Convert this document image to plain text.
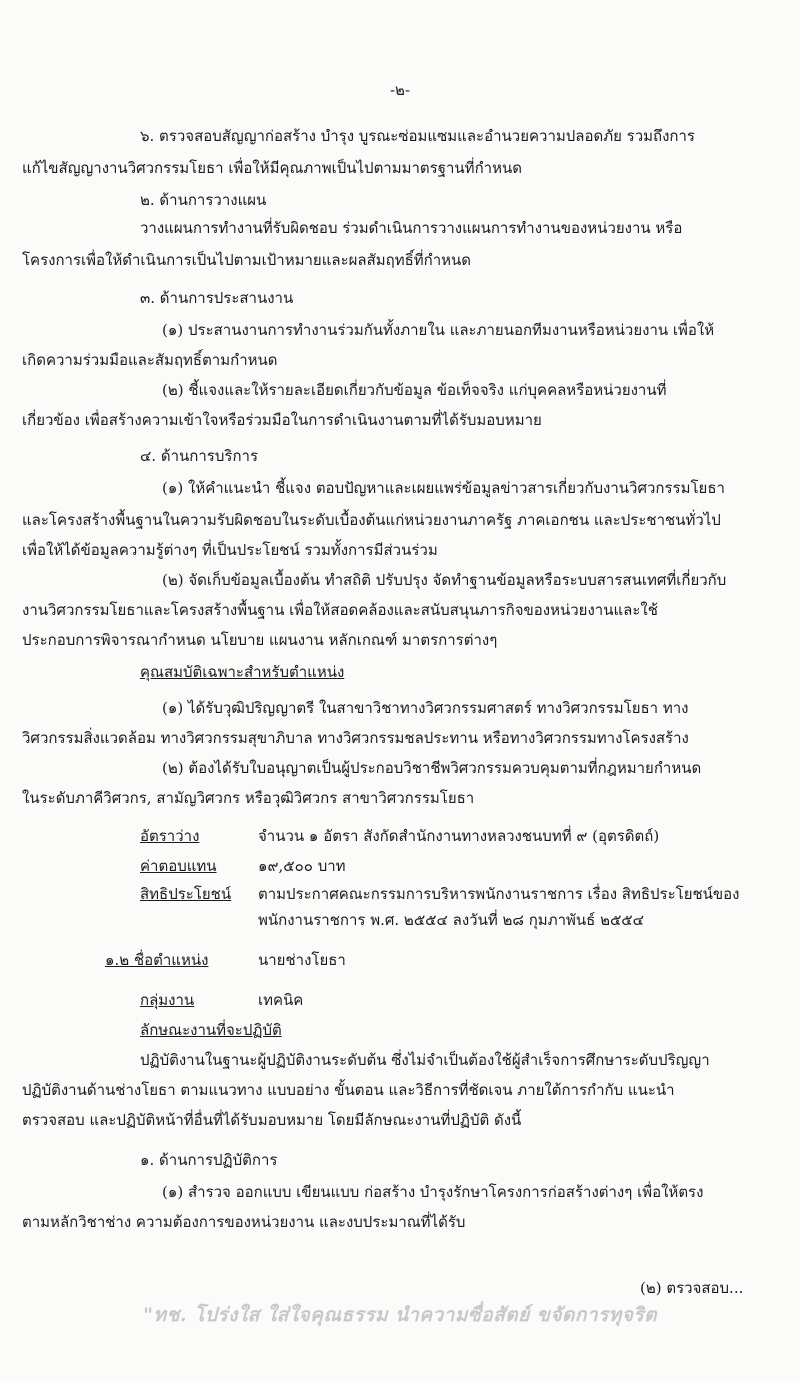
-๒-
๖. ตรวจสอบสัญญาก่อสร้าง บำรุง บูรณะซ่อมแซมและอำนวยความปลอดภัย รวมถึงการ
แก้ไขสัญญางานวิศวกรรมโยธา เพื่อให้มีคุณภาพเป็นไปตามมาตรฐานที่กำหนด
๒. ด้านการวางแผน
วางแผนการทำงานที่รับผิดชอบ ร่วมดำเนินการวางแผนการทำงานของหน่วยงาน หรือ
โครงการเพื่อให้ดำเนินการเป็นไปตามเป้าหมายและผลสัมฤทธิ์ที่กำหนด
๓. ด้านการประสานงาน
(๑) ประสานงานการทำงานร่วมกันทั้งภายใน และภายนอกทีมงานหรือหน่วยงาน เพื่อให้
เกิดความร่วมมือและสัมฤทธิ์ตามกำหนด
(๒) ชี้แจงและให้รายละเอียดเกี่ยวกับข้อมูล ข้อเท็จจริง แก่บุคคลหรือหน่วยงานที่
เกี่ยวข้อง เพื่อสร้างความเข้าใจหรือร่วมมือในการดำเนินงานตามที่ได้รับมอบหมาย
๔. ด้านการบริการ
(๑) ให้คำแนะนำ ชี้แจง ตอบปัญหาและเผยแพร่ข้อมูลข่าวสารเกี่ยวกับงานวิศวกรรมโยธา
และโครงสร้างพื้นฐานในความรับผิดชอบในระดับเบื้องต้นแก่หน่วยงานภาครัฐ ภาคเอกชน และประชาชนทั่วไป
เพื่อให้ได้ข้อมูลความรู้ต่างๆ ที่เป็นประโยชน์ รวมทั้งการมีส่วนร่วม
(๒) จัดเก็บข้อมูลเบื้องต้น ทำสถิติ ปรับปรุง จัดทำฐานข้อมูลหรือระบบสารสนเทศที่เกี่ยวกับ
งานวิศวกรรมโยธาและโครงสร้างพื้นฐาน เพื่อให้สอดคล้องและสนับสนุนภารกิจของหน่วยงานและใช้
ประกอบการพิจารณากำหนด นโยบาย แผนงาน หลักเกณฑ์ มาตรการต่างๆ
(๑) ได้รับวุฒิปริญญาตรี ในสาขาวิชาทางวิศวกรรมศาสตร์ ทางวิศวกรรมโยธา ทาง
วิศวกรรมสิ่งแวดล้อม ทางวิศวกรรมสุขาภิบาล ทางวิศวกรรมชลประทาน หรือทางวิศวกรรมทางโครงสร้าง
(๒) ต้องได้รับใบอนุญาตเป็นผู้ประกอบวิชาชีพวิศวกรรมควบคุมตามที่กฎหมายกำหนด
ในระดับภาคีวิศวกร, สามัญวิศวกร หรือวุฒิวิศวกร สาขาวิศวกรรมโยธา
ปฏิบัติงานในฐานะผู้ปฏิบัติงานระดับต้น ซึ่งไม่จำเป็นต้องใช้ผู้สำเร็จการศึกษาระดับปริญญา
ปฏิบัติงานด้านช่างโยธา ตามแนวทาง แบบอย่าง ขั้นตอน และวิธีการที่ชัดเจน ภายใต้การกำกับ แนะนำ
ตรวจสอบ และปฏิบัติหน้าที่อื่นที่ได้รับมอบหมาย โดยมีลักษณะงานที่ปฏิบัติ ดังนี้
๑. ด้านการปฏิบัติการ
(๑) สำรวจ ออกแบบ เขียนแบบ ก่อสร้าง บำรุงรักษาโครงการก่อสร้างต่างๆ เพื่อให้ตรง
ตามหลักวิชาช่าง ความต้องการของหน่วยงาน และงบประมาณที่ได้รับ
คุณสมบัติเฉพาะสำหรับตำแหน่ง
อัตราว่าง	จำนวน ๑ อัตรา สังกัดสำนักงานทางหลวงชนบทที่ ๙ (อุตรดิตถ์)
ค่าตอบแทน	๑๙,๕๐๐ บาท
สิทธิประโยชน์ ตามประกาศคณะกรรมการบริหารพนักงานราชการ เรื่อง สิทธิประโยชน์ของ
พนักงานราชการ พ.ศ. ๒๕๕๔ ลงวันที่ ๒๘ กุมภาพันธ์ ๒๕๕๔
๑.๒ ชื่อตำแหน่ง	นายช่างโยธา
กลุ่มงาน	เทคนิค
ลักษณะงานที่จะปฏิบัติ
(๒) ตรวจสอบ...
"ทช. โปร่งใส ใส่ใจคุณธรรม นำความซื่อสัตย์ ขจัดการทุจริต
